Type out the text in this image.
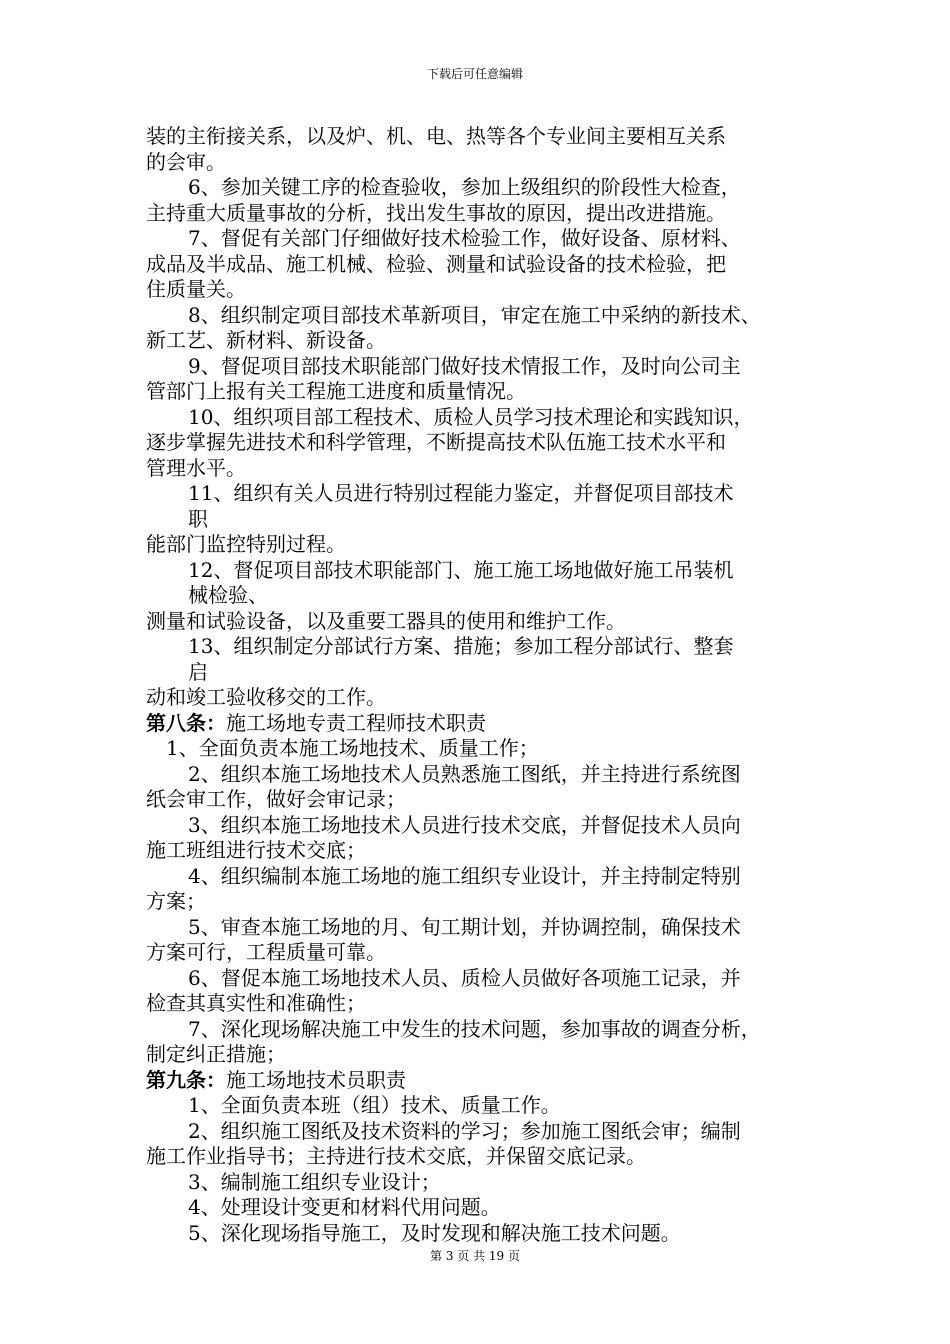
下载后可任意编辑
装的主衔接关系，以及炉、机、电、热等各个专业间主要相互关系
的会审。
6、参加关键工序的检查验收，参加上级组织的阶段性大检查，
主持重大质量事故的分析，找出发生事故的原因，提出改进措施。
7、督促有关部门仔细做好技术检验工作，做好设备、原材料、
成品及半成品、施工机械、检验、测量和试验设备的技术检验，把
住质量关。
8、组织制定项目部技术革新项目，审定在施工中采纳的新技术、
新工艺、新材料、新设备。
9、督促项目部技术职能部门做好技术情报工作，及时向公司主
管部门上报有关工程施工进度和质量情况。
10、组织项目部工程技术、质检人员学习技术理论和实践知识，
逐步掌握先进技术和科学管理，不断提高技术队伍施工技术水平和
管理水平。
11、组织有关人员进行特别过程能力鉴定，并督促项目部技术
职
能部门监控特别过程。
12、督促项目部技术职能部门、施工施工场地做好施工吊装机
械检验、
测量和试验设备，以及重要工器具的使用和维护工作。
13、组织制定分部试行方案、措施；参加工程分部试行、整套
启
动和竣工验收移交的工作。
第八条：施工场地专责工程师技术职责
1、全面负责本施工场地技术、质量工作；
2、组织本施工场地技术人员熟悉施工图纸，并主持进行系统图
纸会审工作，做好会审记录；
3、组织本施工场地技术人员进行技术交底，并督促技术人员向
施工班组进行技术交底；
4、组织编制本施工场地的施工组织专业设计，并主持制定特别
方案；
5、审查本施工场地的月、旬工期计划，并协调控制，确保技术
方案可行，工程质量可靠。
6、督促本施工场地技术人员、质检人员做好各项施工记录，并
检查其真实性和准确性；
7、深化现场解决施工中发生的技术问题，参加事故的调查分析，
制定纠正措施；
第九条：施工场地技术员职责
1、全面负责本班（组）技术、质量工作。
2、组织施工图纸及技术资料的学习；参加施工图纸会审；编制
施工作业指导书；主持进行技术交底，并保留交底记录。
3、编制施工组织专业设计；
4、处理设计变更和材料代用问题。
5、深化现场指导施工，及时发现和解决施工技术问题。
第 3 页 共 19 页
